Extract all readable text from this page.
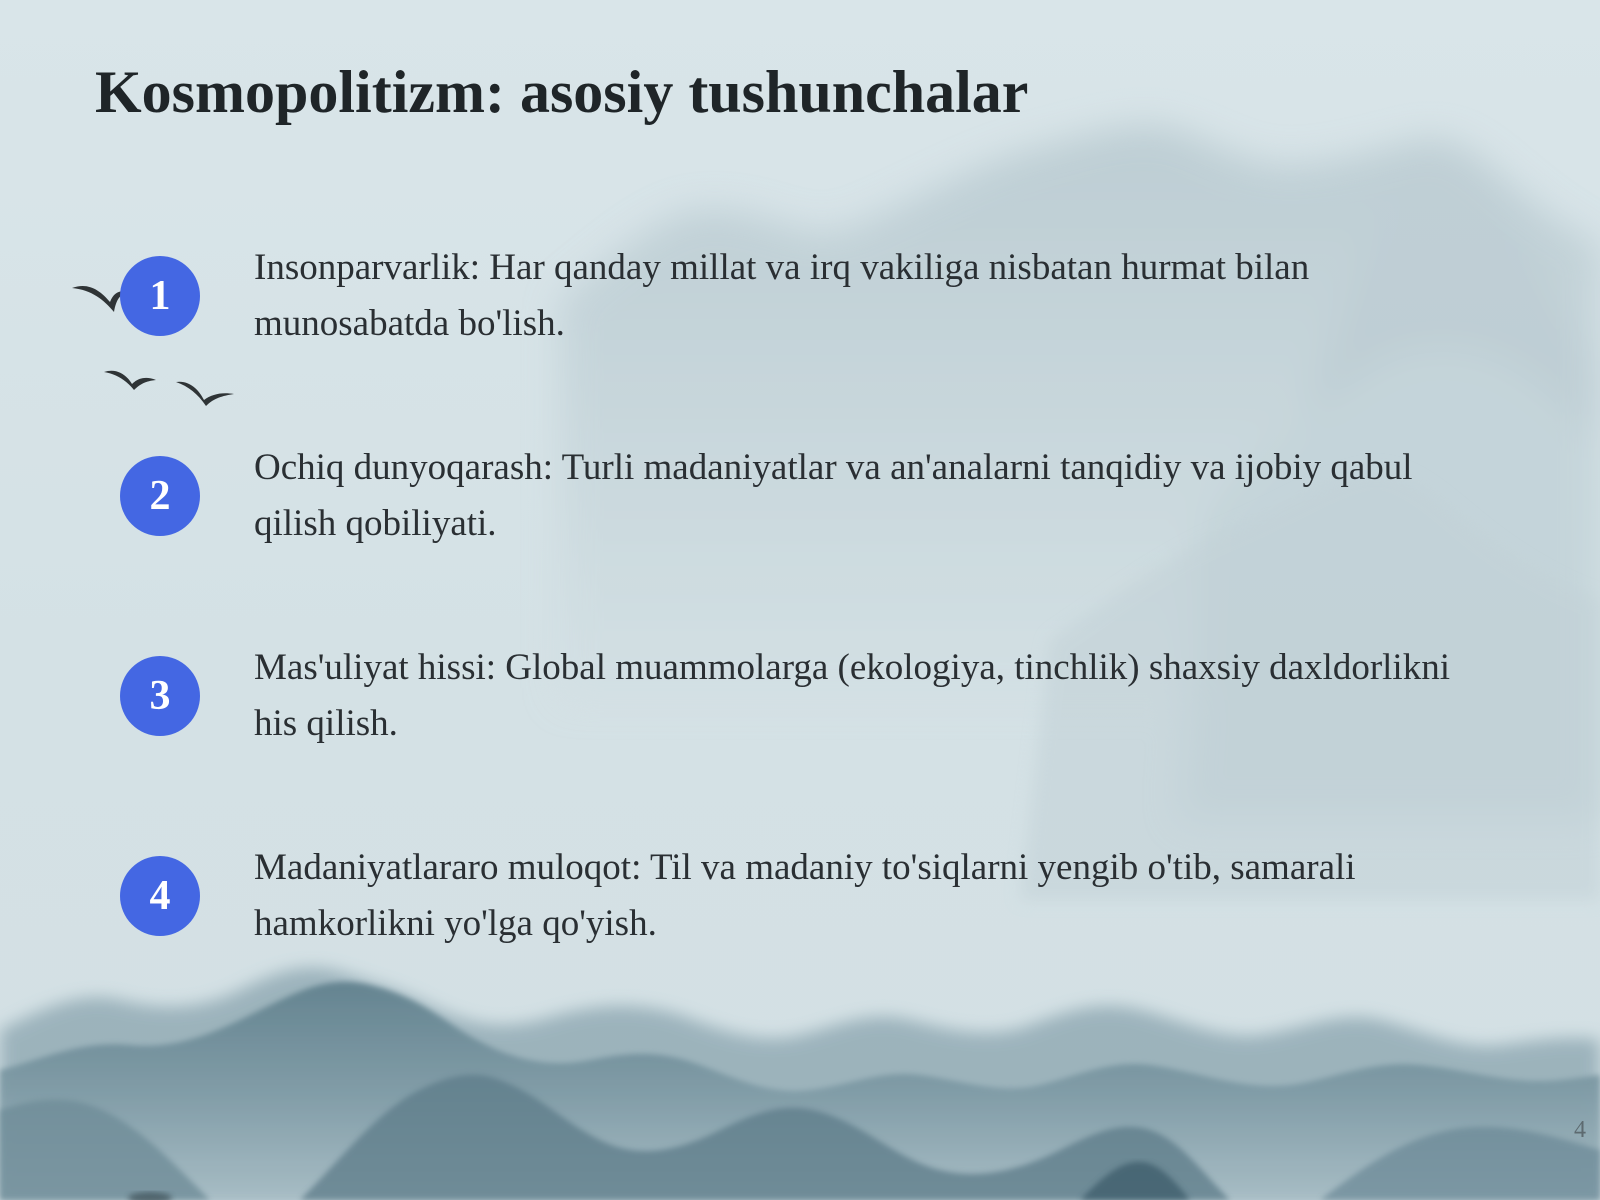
Kosmopolitizm: asosiy tushunchalar
1

Insonparvarlik: Har qanday millat va irq vakiliga nisbatan hurmat bilan munosabatda bo'lish.

2

Ochiq dunyoqarash: Turli madaniyatlar va an'analarni tanqidiy va ijobiy qabul qilish qobiliyati.

3

Mas'uliyat hissi: Global muammolarga (ekologiya, tinchlik) shaxsiy daxldorlikni his qilish.

4

Madaniyatlararo muloqot: Til va madaniy to'siqlarni yengib o'tib, samarali hamkorlikni yo'lga qo'yish.

4
